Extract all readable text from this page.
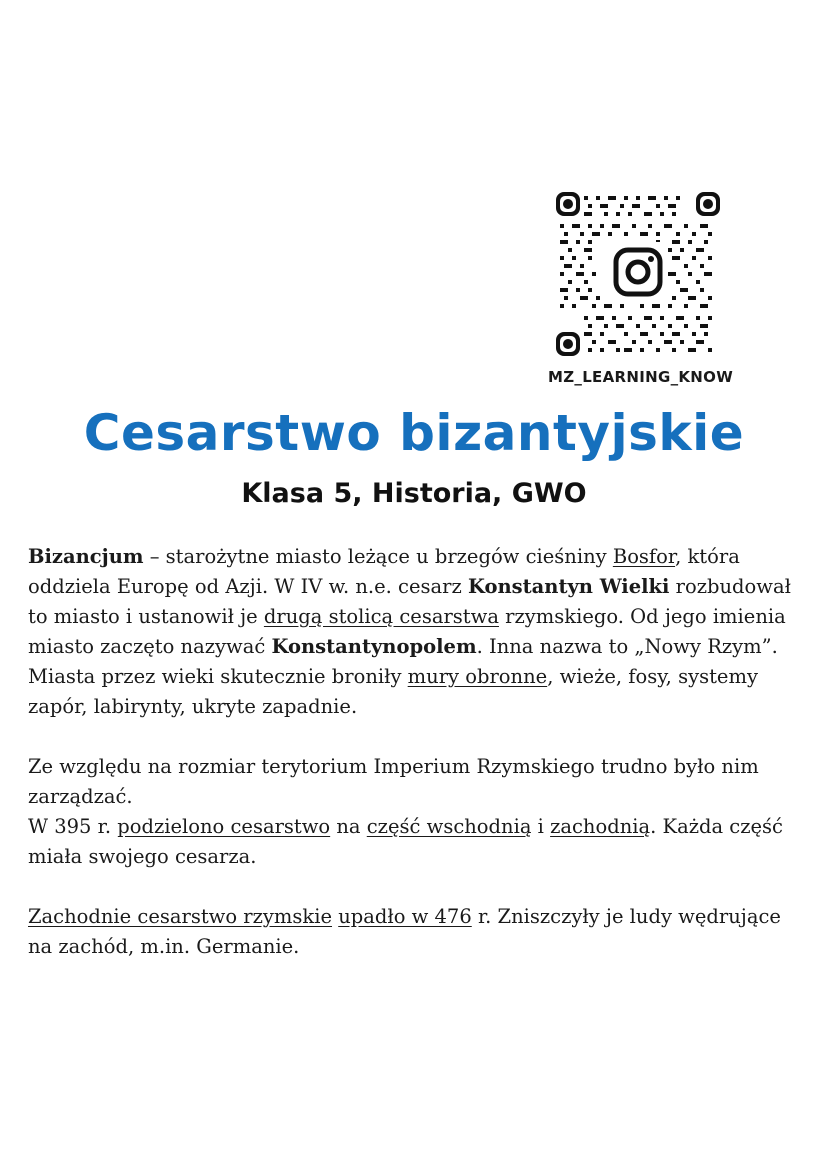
MZ_LEARNING_KNOW
Cesarstwo bizantyjskie
Klasa 5, Historia, GWO

Bizancjum – starożytne miasto leżące u brzegów cieśniny Bosfor, która oddziela Europę od Azji. W IV w. n.e. cesarz Konstantyn Wielki rozbudował to miasto i ustanowił je drugą stolicą cesarstwa rzymskiego. Od jego imienia miasto zaczęto nazywać Konstantynopolem. Inna nazwa to „Nowy Rzym”.

Miasta przez wieki skutecznie broniły mury obronne, wieże, fosy, systemy zapór, labirynty, ukryte zapadnie.

Ze względu na rozmiar terytorium Imperium Rzymskiego trudno było nim zarządzać.

W 395 r. podzielono cesarstwo na część wschodnią i zachodnią. Każda część miała swojego cesarza.

Zachodnie cesarstwo rzymskie upadło w 476 r. Zniszczyły je ludy wędrujące na zachód, m.in. Germanie.
